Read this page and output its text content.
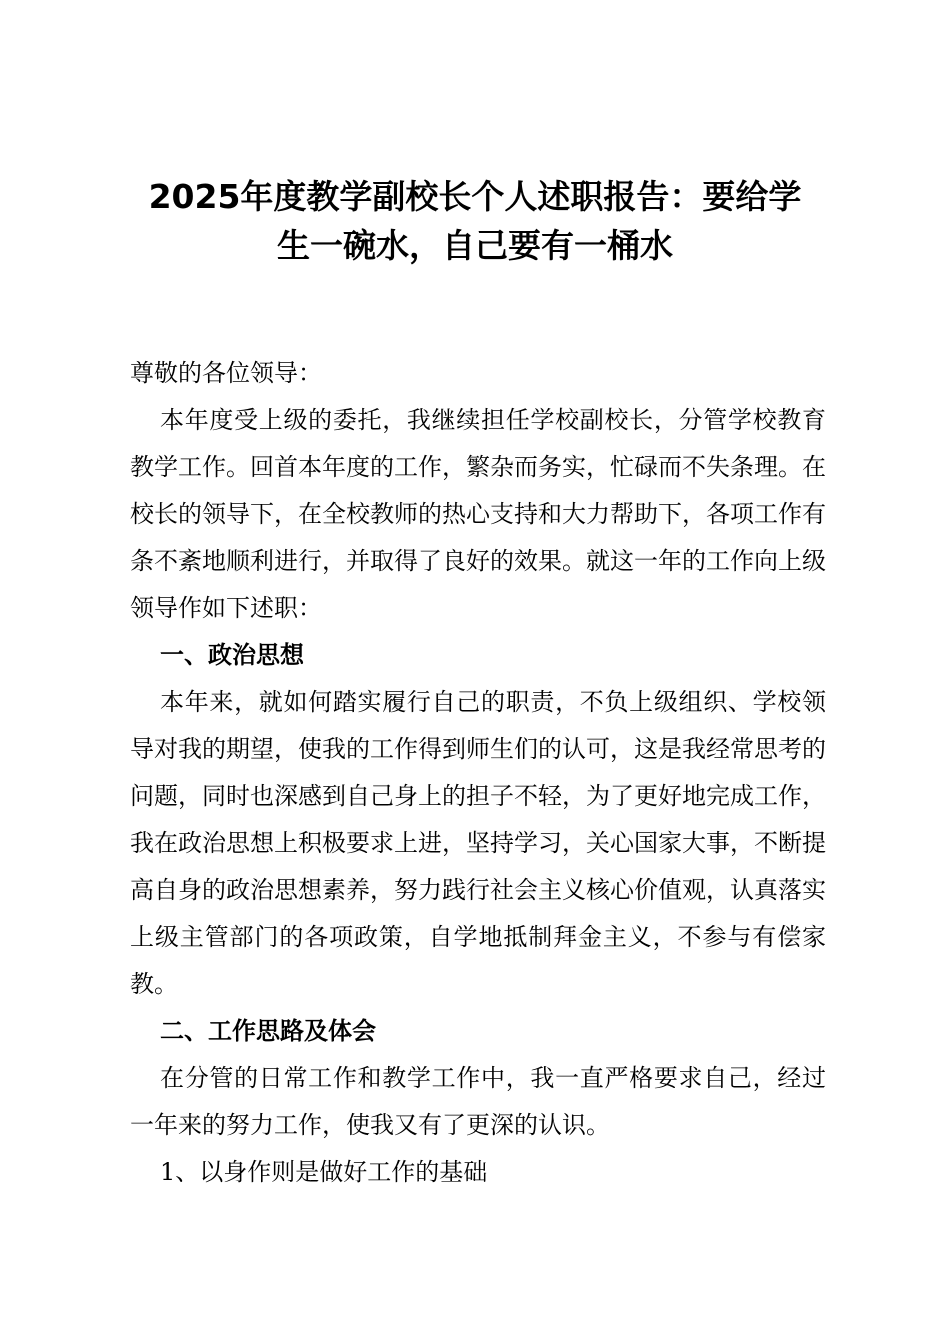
2025年度教学副校长个人述职报告：要给学
生一碗水，自己要有一桶水

尊敬的各位领导：

本年度受上级的委托，我继续担任学校副校长，分管学校教育教学工作。回首本年度的工作，繁杂而务实，忙碌而不失条理。在校长的领导下，在全校教师的热心支持和大力帮助下，各项工作有条不紊地顺利进行，并取得了良好的效果。就这一年的工作向上级领导作如下述职：

一、政治思想

本年来，就如何踏实履行自己的职责，不负上级组织、学校领导对我的期望，使我的工作得到师生们的认可，这是我经常思考的问题，同时也深感到自己身上的担子不轻，为了更好地完成工作，我在政治思想上积极要求上进，坚持学习，关心国家大事，不断提高自身的政治思想素养，努力践行社会主义核心价值观，认真落实上级主管部门的各项政策，自学地抵制拜金主义，不参与有偿家教。

二、工作思路及体会

在分管的日常工作和教学工作中，我一直严格要求自己，经过一年来的努力工作，使我又有了更深的认识。

1、以身作则是做好工作的基础
